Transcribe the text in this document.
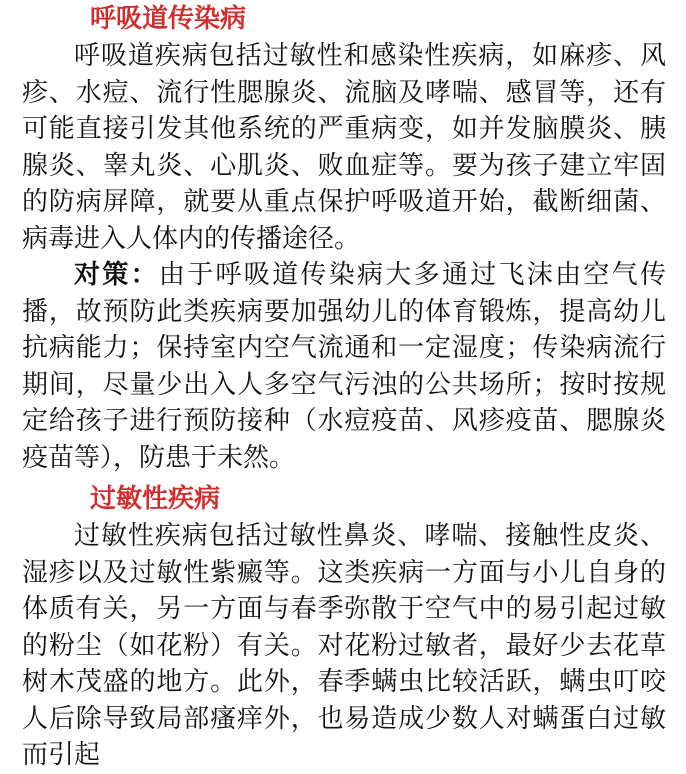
呼吸道传染病

呼吸道疾病包括过敏性和感染性疾病，如麻疹、风疹、水痘、流行性腮腺炎、流脑及哮喘、感冒等，还有可能直接引发其他系统的严重病变，如并发脑膜炎、胰腺炎、睾丸炎、心肌炎、败血症等。要为孩子建立牢固的防病屏障，就要从重点保护呼吸道开始，截断细菌、病毒进入人体内的传播途径。

对策：由于呼吸道传染病大多通过飞沫由空气传播，故预防此类疾病要加强幼儿的体育锻炼，提高幼儿抗病能力；保持室内空气流通和一定湿度；传染病流行期间，尽量少出入人多空气污浊的公共场所；按时按规定给孩子进行预防接种（水痘疫苗、风疹疫苗、腮腺炎疫苗等），防患于未然。

过敏性疾病

过敏性疾病包括过敏性鼻炎、哮喘、接触性皮炎、湿疹以及过敏性紫癜等。这类疾病一方面与小儿自身的体质有关，另一方面与春季弥散于空气中的易引起过敏的粉尘（如花粉）有关。对花粉过敏者，最好少去花草树木茂盛的地方。此外，春季螨虫比较活跃，螨虫叮咬人后除导致局部瘙痒外，也易造成少数人对螨蛋白过敏而引起
